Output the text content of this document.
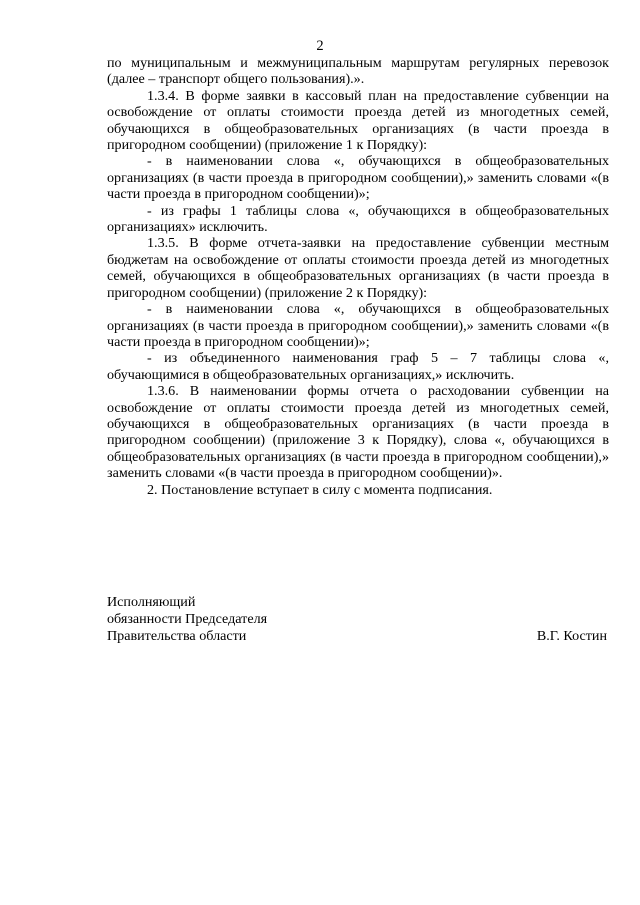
2

по муниципальным и межмуниципальным маршрутам регулярных перевозок (далее – транспорт общего пользования).».

1.3.4. В форме заявки в кассовый план на предоставление субвенции на освобождение от оплаты стоимости проезда детей из многодетных семей, обучающихся в общеобразовательных организациях (в части проезда в пригородном сообщении) (приложение 1 к Порядку):

- в наименовании слова «, обучающихся в общеобразовательных организациях (в части проезда в пригородном сообщении),» заменить словами «(в части проезда в пригородном сообщении)»;

- из графы 1 таблицы слова «, обучающихся в общеобразовательных организациях» исключить.

1.3.5. В форме отчета-заявки на предоставление субвенции местным бюджетам на освобождение от оплаты стоимости проезда детей из многодетных семей, обучающихся в общеобразовательных организациях (в части проезда в пригородном сообщении) (приложение 2 к Порядку):

- в наименовании слова «, обучающихся в общеобразовательных организациях (в части проезда в пригородном сообщении),» заменить словами «(в части проезда в пригородном сообщении)»;

- из объединенного наименования граф 5 – 7 таблицы слова «, обучающимися в общеобразовательных организациях,» исключить.

1.3.6. В наименовании формы отчета о расходовании субвенции на освобождение от оплаты стоимости проезда детей из многодетных семей, обучающихся в общеобразовательных организациях (в части проезда в пригородном сообщении) (приложение 3 к Порядку), слова «, обучающихся в общеобразовательных организациях (в части проезда в пригородном сообщении),» заменить словами «(в части проезда в пригородном сообщении)».

2. Постановление вступает в силу с момента подписания.

Исполняющий
обязанности Председателя
Правительства области	В.Г. Костин
